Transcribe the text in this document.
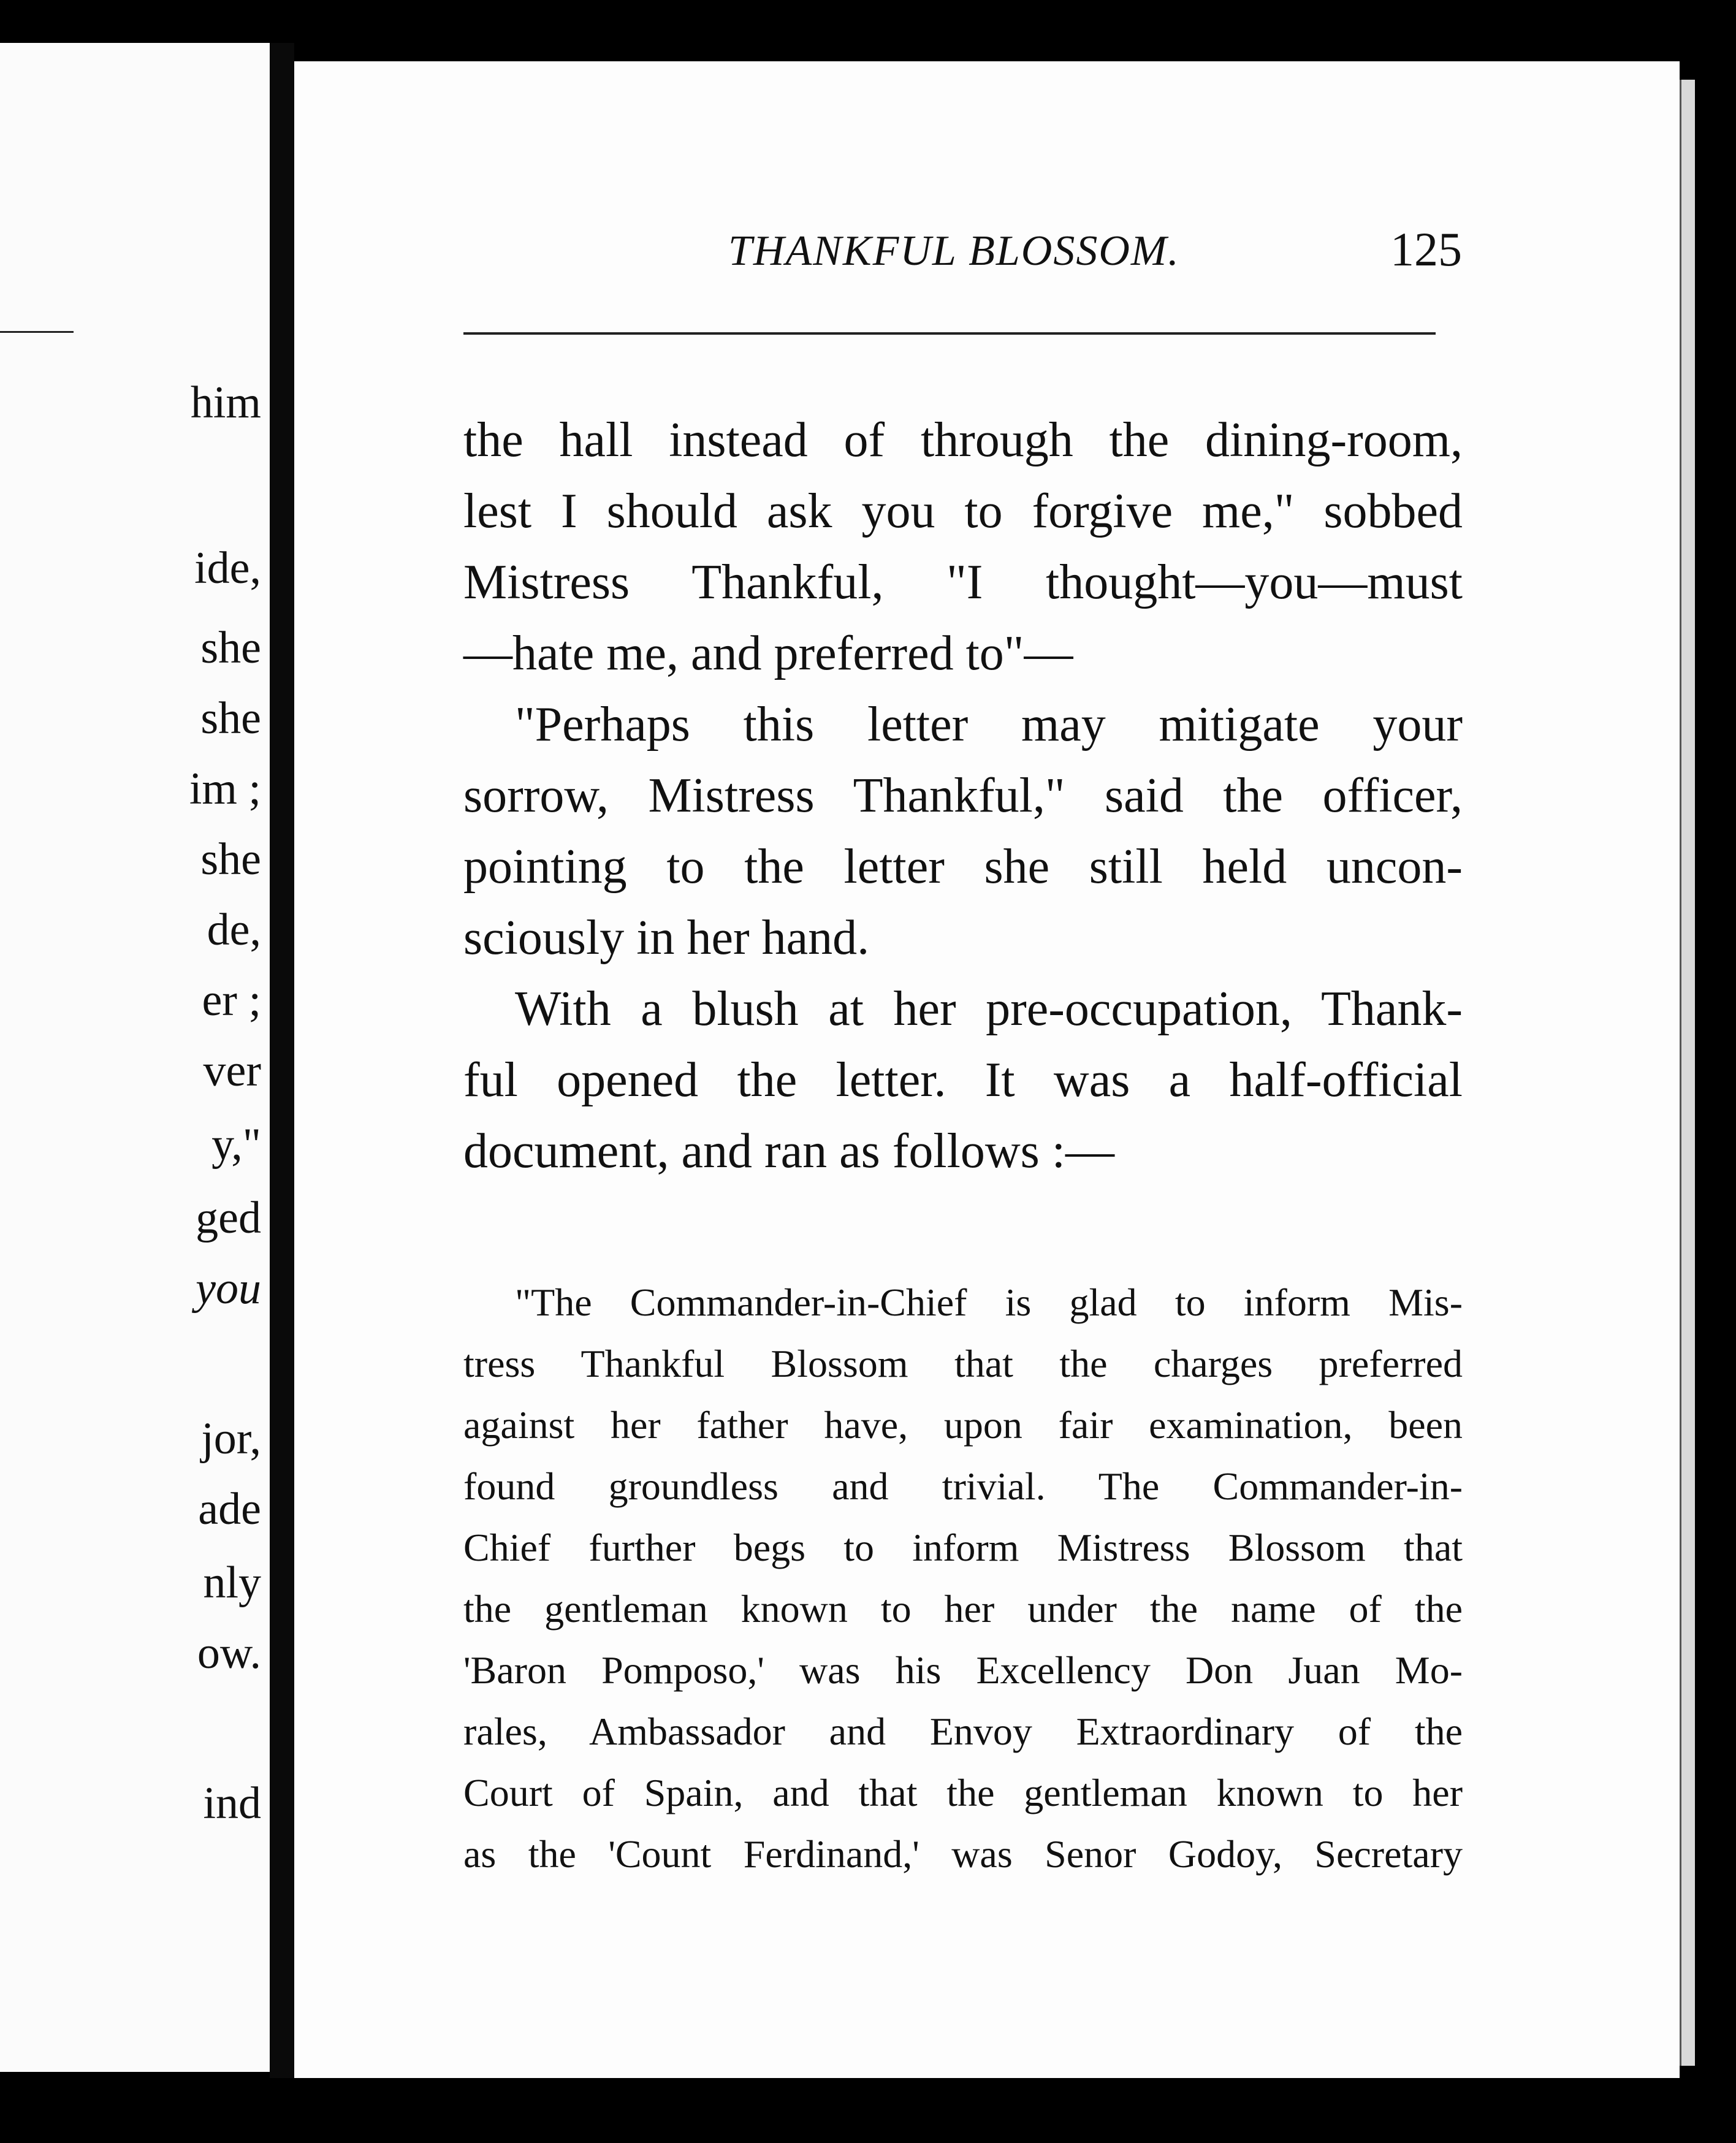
him
ide,
she
she
im ;
she
de,
er ;
ver
y,"
ged
you
jor,
ade
nly
ow.
ind
THANKFUL BLOSSOM.	125
the hall instead of through the dining-room,
lest I should ask you to forgive me," sobbed
Mistress Thankful, "I thought—you—must
—hate me, and preferred to"—
"Perhaps this letter may mitigate your
sorrow, Mistress Thankful," said the officer,
pointing to the letter she still held uncon-
sciously in her hand.
With a blush at her pre-occupation, Thank-
ful opened the letter. It was a half-official
document, and ran as follows :—
"The Commander-in-Chief is glad to inform Mis-
tress Thankful Blossom that the charges preferred
against her father have, upon fair examination, been
found groundless and trivial. The Commander-in-
Chief further begs to inform Mistress Blossom that
the gentleman known to her under the name of the
'Baron Pomposo,' was his Excellency Don Juan Mo-
rales, Ambassador and Envoy Extraordinary of the
Court of Spain, and that the gentleman known to her
as the 'Count Ferdinand,' was Senor Godoy, Secretary
